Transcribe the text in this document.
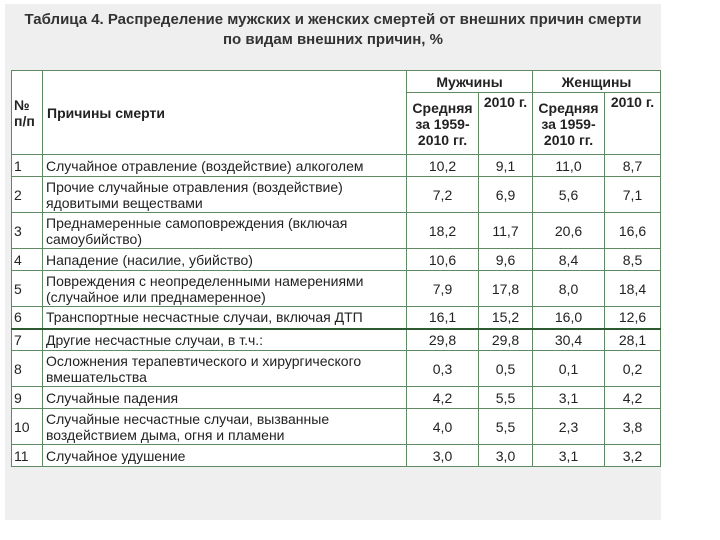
Таблица 4. Распределение мужских и женских смертей от внешних причин смерти
по видам внешних причин, %
№ п/п	Причины смерти	Мужчины		Женщины	
		Средняя за 1959-2010 гг.	2010 г.	Средняя за 1959-2010 гг.	2010 г.
1	Случайное отравление (воздействие) алкоголем	10,2	9,1	11,0	8,7
2	Прочие случайные отравления (воздействие) ядовитыми веществами	7,2	6,9	5,6	7,1
3	Преднамеренные самоповреждения (включая самоубийство)	18,2	11,7	20,6	16,6
4	Нападение (насилие, убийство)	10,6	9,6	8,4	8,5
5	Повреждения с неопределенными намерениями (случайное или преднамеренное)	7,9	17,8	8,0	18,4
6	Транспортные несчастные случаи, включая ДТП	16,1	15,2	16,0	12,6
7	Другие несчастные случаи, в т.ч.:	29,8	29,8	30,4	28,1
8	Осложнения терапевтического и хирургического вмешательства	0,3	0,5	0,1	0,2
9	Случайные падения	4,2	5,5	3,1	4,2
10	Случайные несчастные случаи, вызванные воздействием дыма, огня и пламени	4,0	5,5	2,3	3,8
11	Случайное удушение	3,0	3,0	3,1	3,2
